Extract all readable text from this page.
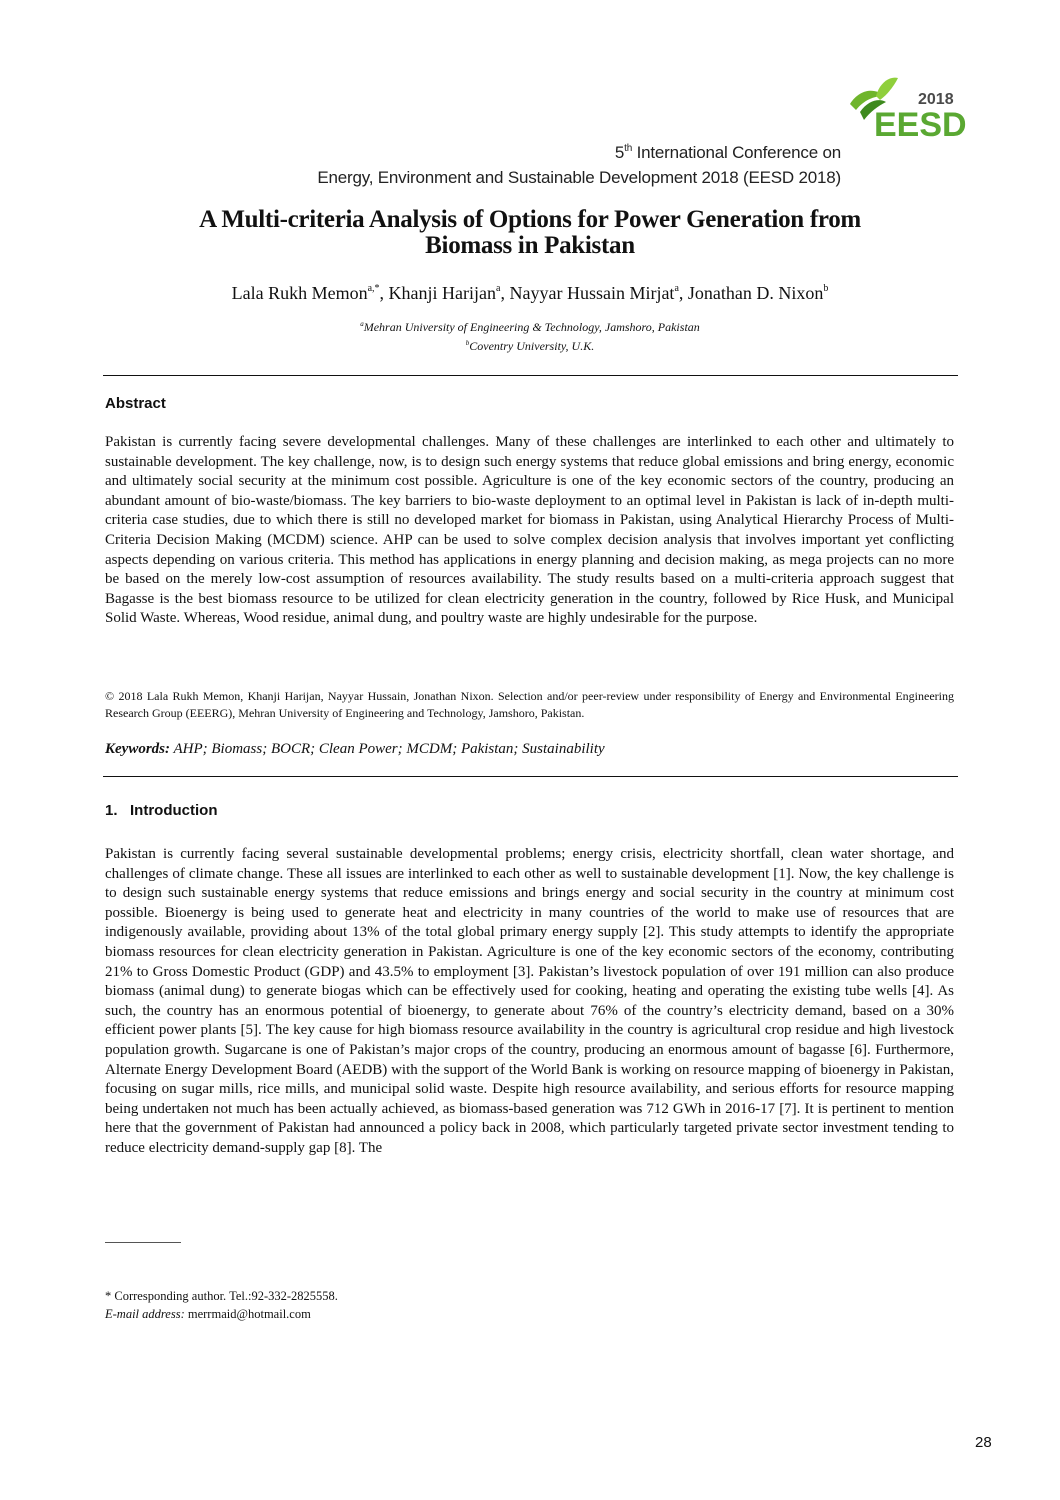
2018
EESD
5th International Conference on
Energy, Environment and Sustainable Development 2018 (EESD 2018)
A Multi-criteria Analysis of Options for Power Generation from
Biomass in Pakistan
Lala Rukh Memon$^{a,*}$, Khanji Harijan$^a$, Nayyar Hussain Mirjat$^a$, Jonathan D. Nixon$^b$
$^a$Mehran University of Engineering & Technology, Jamshoro, Pakistan
$^b$Coventry University, U.K.
Abstract
Pakistan is currently facing severe developmental challenges. Many of these challenges are interlinked to each other and ultimately to sustainable development. The key challenge, now, is to design such energy systems that reduce global emissions and bring energy, economic and ultimately social security at the minimum cost possible. Agriculture is one of the key economic sectors of the country, producing an abundant amount of bio-waste/biomass. The key barriers to bio-waste deployment to an optimal level in Pakistan is lack of in-depth multi-criteria case studies, due to which there is still no developed market for biomass in Pakistan, using Analytical Hierarchy Process of Multi-Criteria Decision Making (MCDM) science. AHP can be used to solve complex decision analysis that involves important yet conflicting aspects depending on various criteria. This method has applications in energy planning and decision making, as mega projects can no more be based on the merely low-cost assumption of resources availability. The study results based on a multi-criteria approach suggest that Bagasse is the best biomass resource to be utilized for clean electricity generation in the country, followed by Rice Husk, and Municipal Solid Waste. Whereas, Wood residue, animal dung, and poultry waste are highly undesirable for the purpose.
© 2018 Lala Rukh Memon, Khanji Harijan, Nayyar Hussain, Jonathan Nixon. Selection and/or peer-review under responsibility of Energy and Environmental Engineering Research Group (EEERG), Mehran University of Engineering and Technology, Jamshoro, Pakistan.
Keywords: AHP; Biomass; BOCR; Clean Power; MCDM; Pakistan; Sustainability
1.   Introduction
Pakistan is currently facing several sustainable developmental problems; energy crisis, electricity shortfall, clean water shortage, and challenges of climate change. These all issues are interlinked to each other as well to sustainable development [1]. Now, the key challenge is to design such sustainable energy systems that reduce emissions and brings energy and social security in the country at minimum cost possible. Bioenergy is being used to generate heat and electricity in many countries of the world to make use of resources that are indigenously available, providing about 13% of the total global primary energy supply [2]. This study attempts to identify the appropriate biomass resources for clean electricity generation in Pakistan. Agriculture is one of the key economic sectors of the economy, contributing 21% to Gross Domestic Product (GDP) and 43.5% to employment [3]. Pakistan’s livestock population of over 191 million can also produce biomass (animal dung) to generate biogas which can be effectively used for cooking, heating and operating the existing tube wells [4]. As such, the country has an enormous potential of bioenergy, to generate about 76% of the country’s electricity demand, based on a 30% efficient power plants [5]. The key cause for high biomass resource availability in the country is agricultural crop residue and high livestock population growth. Sugarcane is one of Pakistan’s major crops of the country, producing an enormous amount of bagasse [6]. Furthermore, Alternate Energy Development Board (AEDB) with the support of the World Bank is working on resource mapping of bioenergy in Pakistan, focusing on sugar mills, rice mills, and municipal solid waste. Despite high resource availability, and serious efforts for resource mapping being undertaken not much has been actually achieved, as biomass-based generation was 712 GWh in 2016-17 [7]. It is pertinent to mention here that the government of Pakistan had announced a policy back in 2008, which particularly targeted private sector investment tending to reduce electricity demand-supply gap [8]. The
* Corresponding author. Tel.:92-332-2825558.
E-mail address: merrmaid@hotmail.com
28
